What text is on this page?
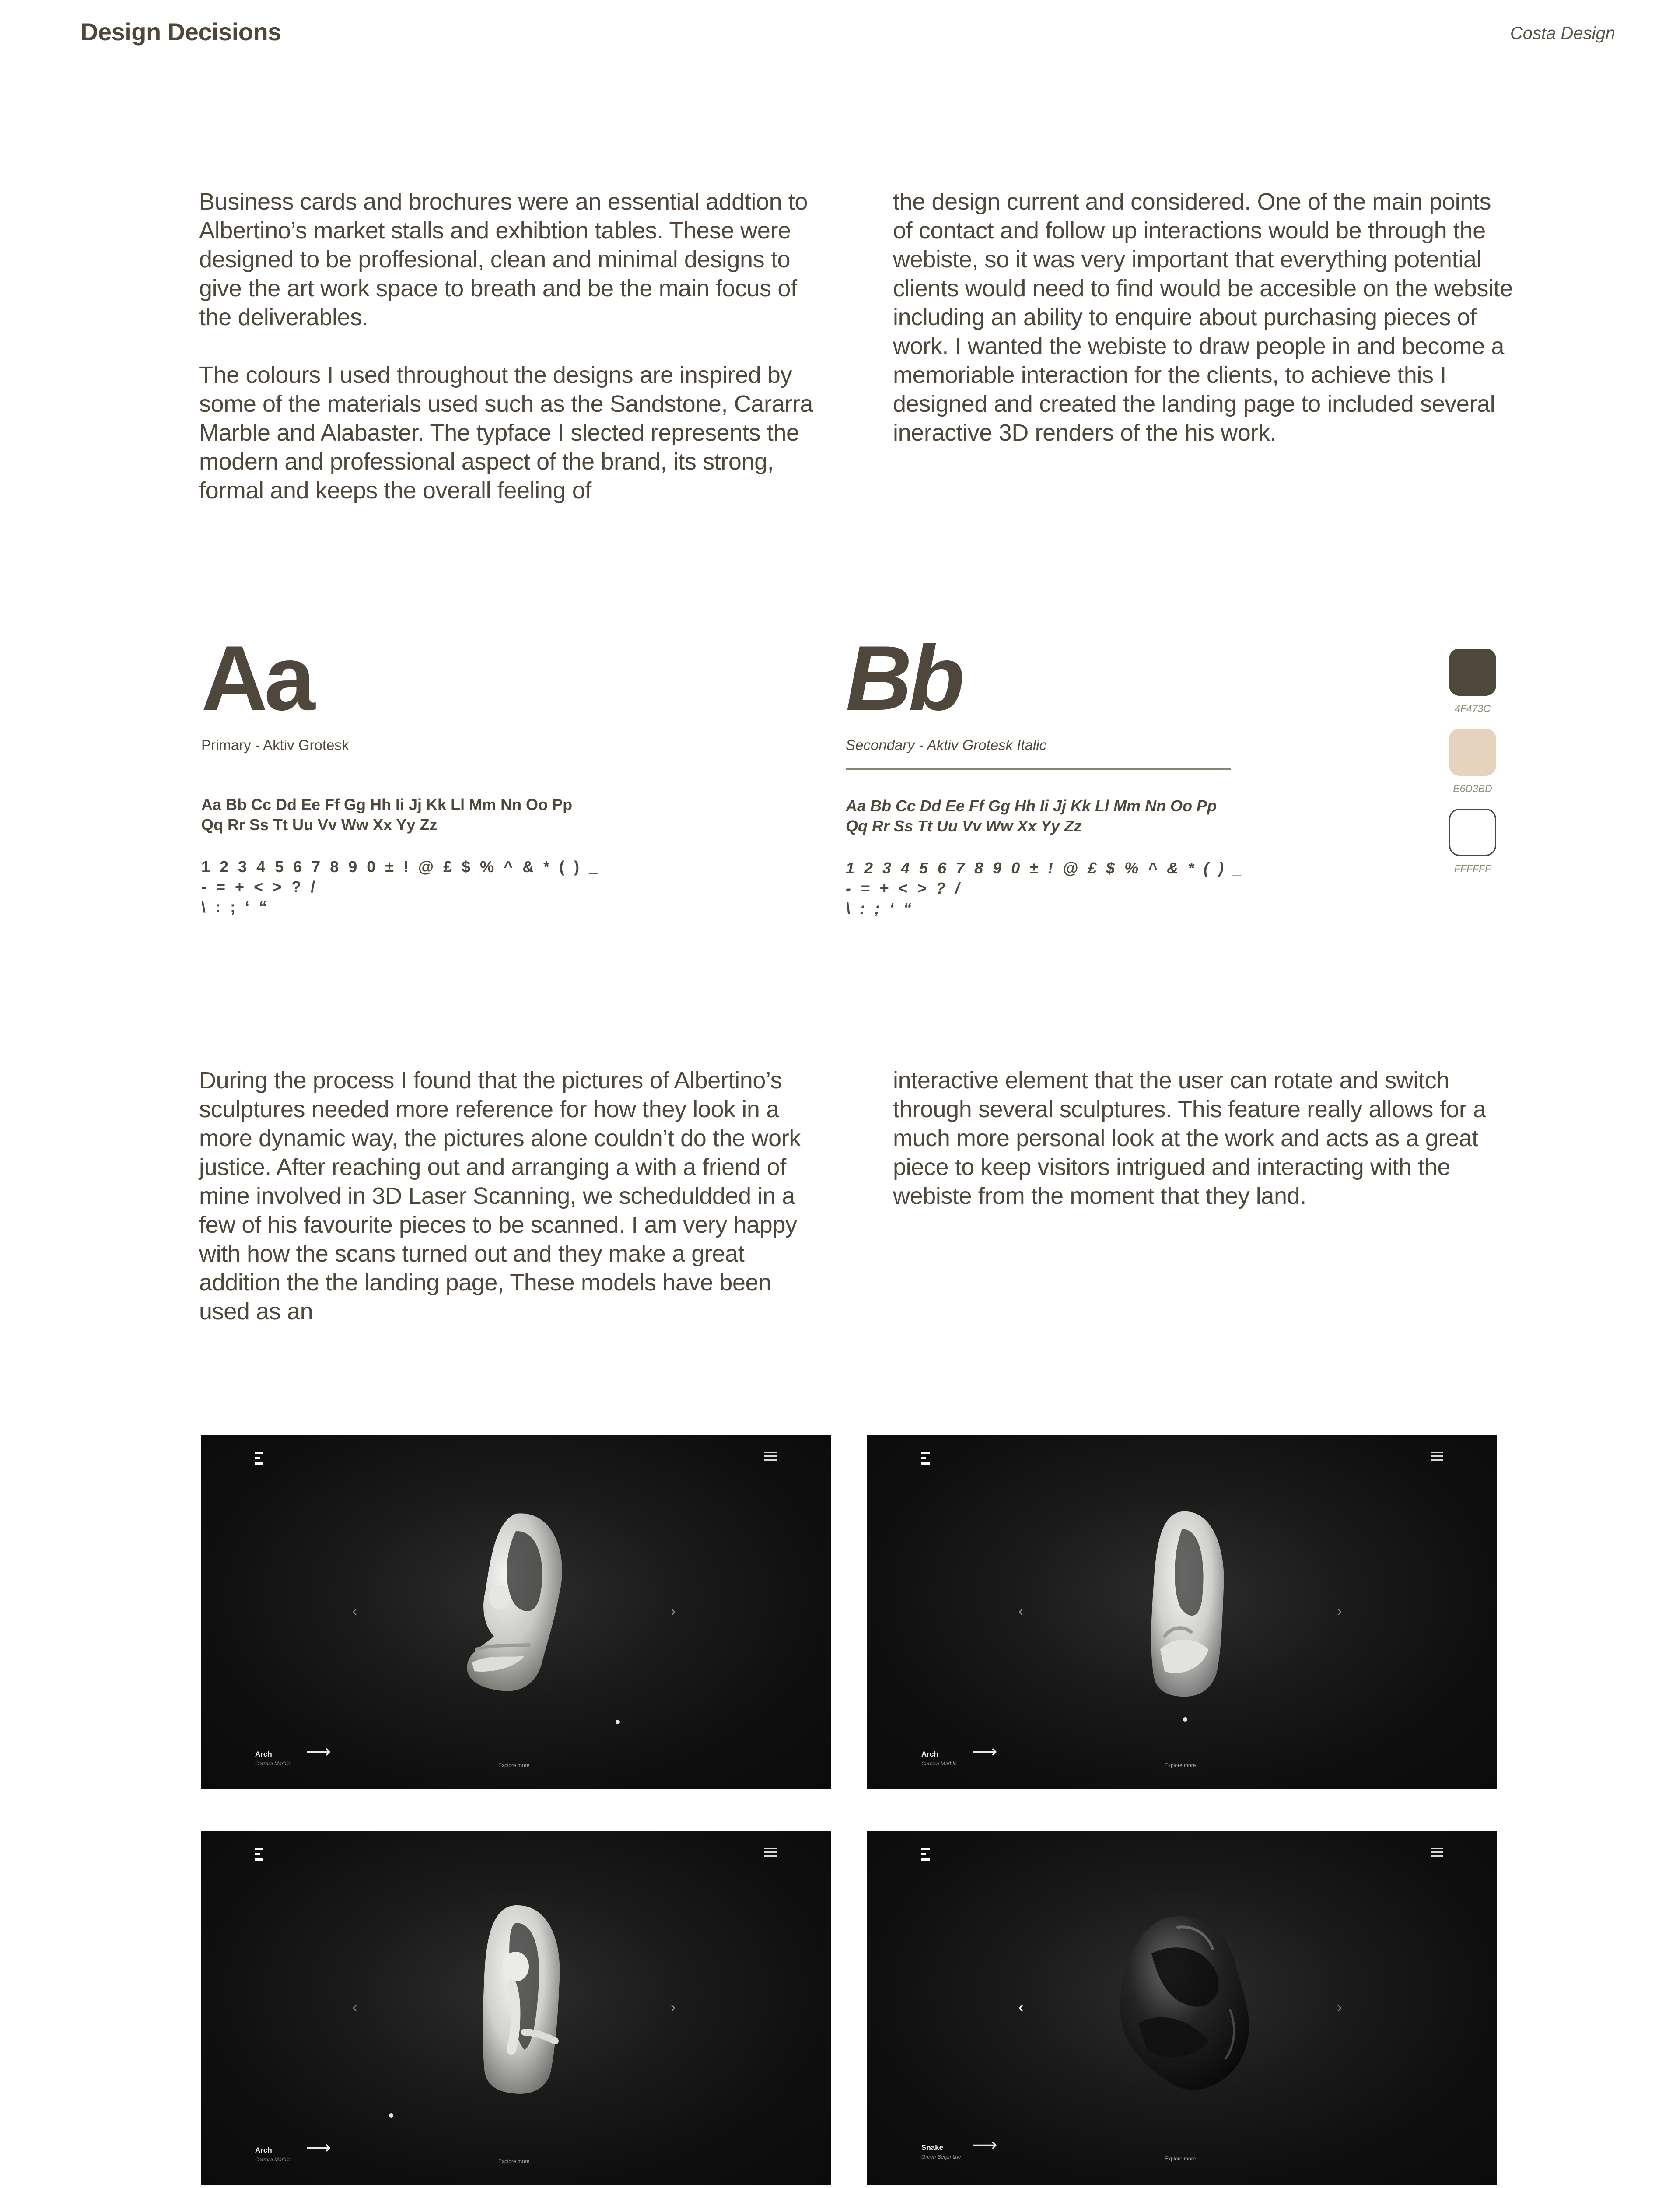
Design Decisions	Costa Design

Business cards and brochures were an essential addtion to Albertino’s market stalls and exhibtion tables. These were designed to be proffesional, clean and minimal designs to give the art work space to breath and be the main focus of the deliverables.

The colours I used throughout the designs are inspired by some of the materials used such as the Sandstone, Cararra Marble and Alabaster. The typface I slected represents the modern and professional aspect of the brand, its strong, formal and keeps the overall feeling of

the design current and considered. One of the main points of contact and follow up interactions would be through the webiste, so it was very important that everything potential clients would need to find would be accesible on the website including an ability to enquire about purchasing pieces of work. I wanted the webiste to draw people in and become a memoriable interaction for the clients, to achieve this I designed and created the landing page to included several ineractive 3D renders of the his work.

Aa
Primary - Aktiv Grotesk
Aa Bb Cc Dd Ee Ff Gg Hh Ii Jj Kk Ll Mm Nn Oo Pp
Qq Rr Ss Tt Uu Vv Ww Xx Yy Zz
1 2 3 4 5 6 7 8 9 0 ± ! @ £ $ % ^ & * ( ) _ - = + < > ? /
\ : ; ‘ “
Bb
Secondary - Aktiv Grotesk Italic
Aa Bb Cc Dd Ee Ff Gg Hh Ii Jj Kk Ll Mm Nn Oo Pp
Qq Rr Ss Tt Uu Vv Ww Xx Yy Zz
1 2 3 4 5 6 7 8 9 0 ± ! @ £ $ % ^ & * ( ) _ - = + < > ? /
\ : ; ‘ “
4F473C
E6D3BD
FFFFFF

During the process I found that the pictures of Albertino’s sculptures needed more reference for how they look in a more dynamic way, the pictures alone couldn’t do the work justice. After reaching out and arranging a with a friend of mine involved in 3D Laser Scanning, we scheduldded in a few of his favourite pieces to be scanned. I am very happy with how the scans turned out and they make a great addition the the landing page, These models have been used as an

interactive element that the user can rotate and switch through several sculptures. This feature really allows for a much more personal look at the work and acts as a great piece to keep visitors intrigued and interacting with the webiste from the moment that they land.

‹	›
Arch
Carrara Marble
⟶
Explore more
‹	›
Arch
Carrara Marble
⟶
Explore more
‹	›
Arch
Carrara Marble
⟶
Explore more
‹	›
Snake
Green Serpintine
⟶
Explore more
